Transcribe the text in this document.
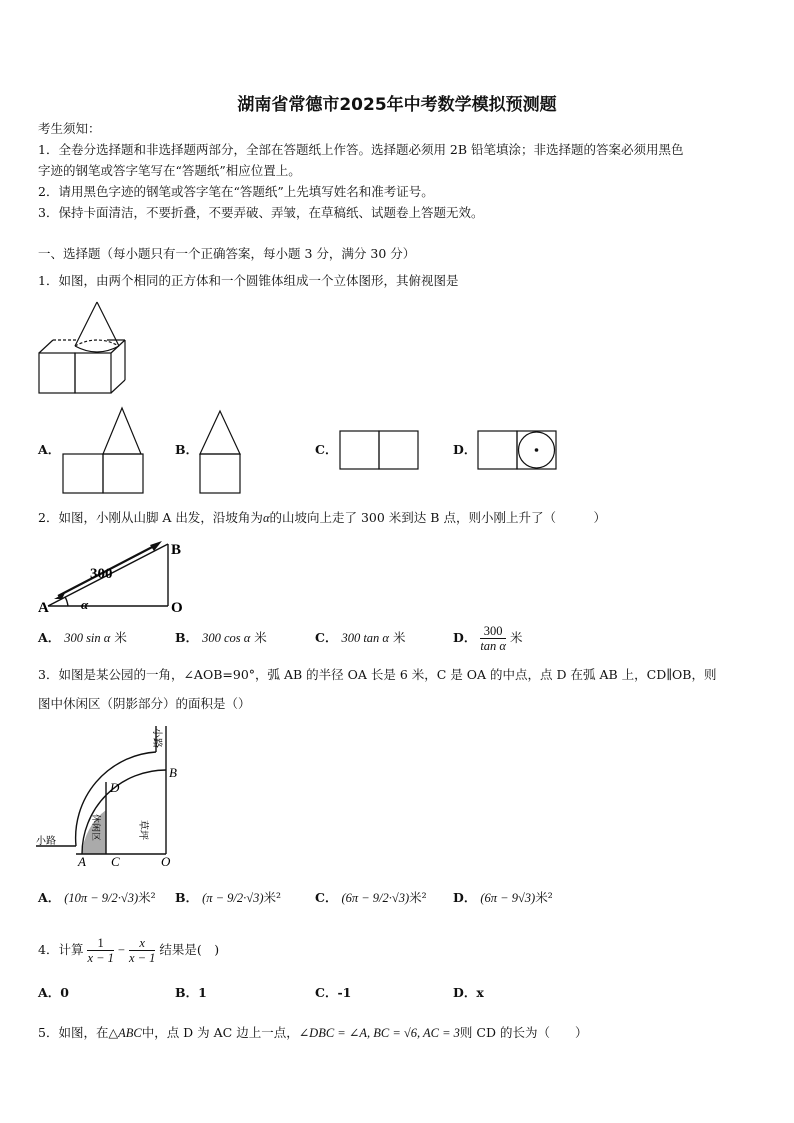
湖南省常德市2025年中考数学模拟预测题
考生须知：
1．全卷分选择题和非选择题两部分，全部在答题纸上作答。选择题必须用 2B 铅笔填涂；非选择题的答案必须用黑色
字迹的钢笔或答字笔写在“答题纸”相应位置上。
2．请用黑色字迹的钢笔或答字笔在“答题纸”上先填写姓名和准考证号。
3．保持卡面清洁，不要折叠，不要弄破、弄皱，在草稿纸、试题卷上答题无效。
一、选择题（每小题只有一个正确答案，每小题 3 分，满分 30 分）
1．如图，由两个相同的正方体和一个圆锥体组成一个立体图形，其俯视图是
A．	B．	C．	D．
2．如图，小刚从山脚 A 出发，沿坡角为α的山坡向上走了 300 米到达 B 点，则小刚上升了（　　　）
300
A
B
O
α
A． 300 sin α 米	B． 300 cos α 米	C． 300 tan α 米	D． $\frac{300}{\text{tan α}}$ 米
3．如图是某公园的一角，∠AOB=90°，弧 AB 的半径 OA 长是 6 米，C 是 OA 的中点，点 D 在弧 AB 上，CD∥OB，则
图中休闲区（阴影部分）的面积是（）
小路
小路
休闲区	草坪
A
B
C
D
O
A． (10π − 9/2·√3)米² B． (π − 9/2·√3)米²	C． (6π − 9/2·√3)米² D． (6π − 9√3)米²
4．计算 $\frac{1}{x - 1} - \frac{x}{x - 1}$ 结果是(　)
A．0	B．1	C．-1	D．x
5．如图，在△ABC中，点 D 为 AC 边上一点，∠DBC = ∠A, BC = √6, AC = 3则 CD 的长为（　　）
